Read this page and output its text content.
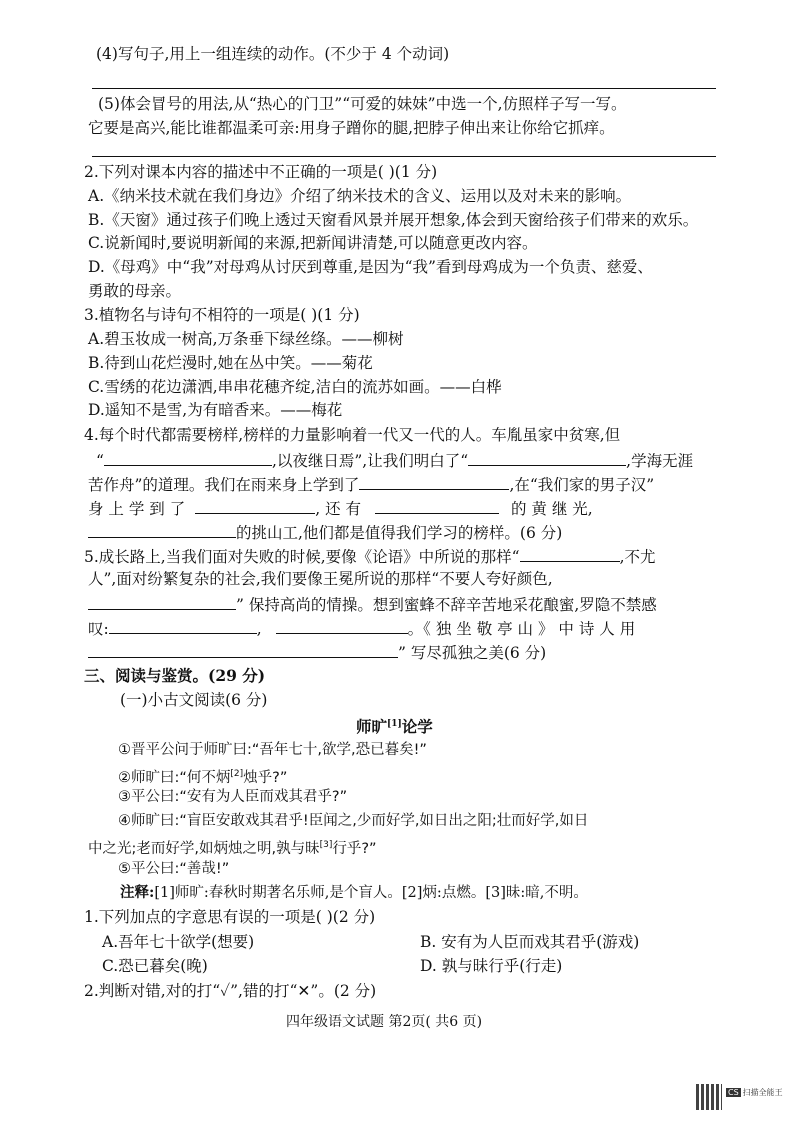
(4)写句子,用上一组连续的动作。(不少于 4 个动词)
(5)体会冒号的用法,从“热心的门卫”“可爱的妹妹”中选一个,仿照样子写一写。
它要是高兴,能比谁都温柔可亲:用身子蹭你的腿,把脖子伸出来让你给它抓痒。
2.下列对课本内容的描述中不正确的一项是( )(1 分)
A.《纳米技术就在我们身边》介绍了纳米技术的含义、运用以及对未来的影响。
B.《天窗》通过孩子们晚上透过天窗看风景并展开想象,体会到天窗给孩子们带来的欢乐。
C.说新闻时,要说明新闻的来源,把新闻讲清楚,可以随意更改内容。
D.《母鸡》中“我”对母鸡从讨厌到尊重,是因为“我”看到母鸡成为一个负责、慈爱、
勇敢的母亲。
3.植物名与诗句不相符的一项是( )(1 分)
A.碧玉妆成一树高,万条垂下绿丝绦。——柳树
B.待到山花烂漫时,她在丛中笑。——菊花
C.雪绣的花边潇洒,串串花穗齐绽,洁白的流苏如画。——白桦
D.遥知不是雪,为有暗香来。——梅花
4.每个时代都需要榜样,榜样的力量影响着一代又一代的人。车胤虽家中贫寒,但
“	,以夜继日焉”,让我们明白了“	,学海无涯
苦作舟”的道理。我们在雨来身上学到了	,在“我们家的男子汉”
身 上 学 到 了	, 还 有	的 黄 继 光,
的挑山工,他们都是值得我们学习的榜样。(6 分)
5.成长路上,当我们面对失败的时候,要像《论语》中所说的那样“	,不尤
人”,面对纷繁复杂的社会,我们要像王冕所说的那样“不要人夸好颜色,
” 保持高尚的情操。想到蜜蜂不辞辛苦地采花酿蜜,罗隐不禁感
叹:	,	。《 独 坐 敬 亭 山 》 中 诗 人 用
” 写尽孤独之美(6 分)
三、阅读与鉴赏。(29 分)
(一)小古文阅读(6 分)
师旷[1]论学
①晋平公问于师旷曰:“吾年七十,欲学,恐已暮矣!”
②师旷曰:“何不炳[2]烛乎?”
③平公曰:“安有为人臣而戏其君乎?”
④师旷曰:“盲臣安敢戏其君乎!臣闻之,少而好学,如日出之阳;壮而好学,如日
中之光;老而好学,如炳烛之明,孰与昧[3]行乎?”
⑤平公曰:“善哉!”
注释:[1]师旷:春秋时期著名乐师,是个盲人。[2]炳:点燃。[3]昧:暗,不明。
1.下列加点的字意思有误的一项是( )(2 分)
A.吾年七十欲学(想要)	B. 安有为人臣而戏其君乎(游戏)
C.恐已暮矣(晚)	D. 孰与昧行乎(行走)
2.判断对错,对的打“✓”,错的打“✕”。(2 分)
四年级语文试题 第2页( 共6 页)
CS 扫描全能王
